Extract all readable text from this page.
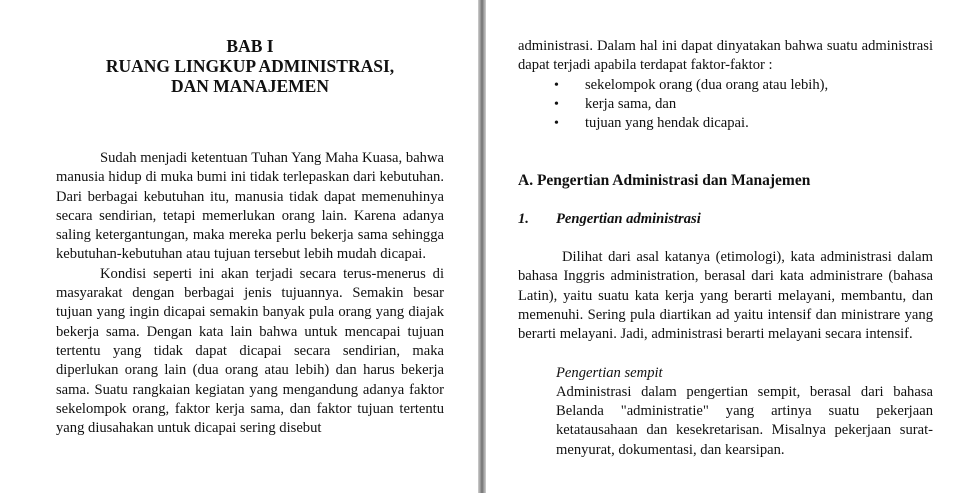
BAB I

RUANG LINGKUP ADMINISTRASI,

DAN MANAJEMEN

Sudah menjadi ketentuan Tuhan Yang Maha Kuasa, bahwa manusia hidup di muka bumi ini tidak terlepaskan dari kebutuhan. Dari berbagai kebutuhan itu, manusia tidak dapat memenuhinya secara sendirian, tetapi memerlukan orang lain. Karena adanya saling ketergantungan, maka mereka perlu bekerja sama sehingga kebutuhan-kebutuhan atau tujuan tersebut lebih mudah dicapai.

Kondisi seperti ini akan terjadi secara terus-menerus di masyarakat dengan berbagai jenis tujuannya. Semakin besar tujuan yang ingin dicapai semakin banyak pula orang yang diajak bekerja sama. Dengan kata lain bahwa untuk mencapai tujuan tertentu yang tidak dapat dicapai secara sendirian, maka diperlukan orang lain (dua orang atau lebih) dan harus bekerja sama. Suatu rangkaian kegiatan yang mengandung adanya faktor sekelompok orang, faktor kerja sama, dan faktor tujuan tertentu yang diusahakan untuk dicapai sering disebut

administrasi. Dalam hal ini dapat dinyatakan bahwa suatu administrasi dapat terjadi apabila terdapat faktor-faktor :

• sekelompok orang (dua orang atau lebih),
• kerja sama, dan
• tujuan yang hendak dicapai.

A. Pengertian Administrasi dan Manajemen

1.	Pengertian administrasi

Dilihat dari asal katanya (etimologi), kata administrasi dalam bahasa Inggris administration, berasal dari kata administrare (bahasa Latin), yaitu suatu kata kerja yang berarti melayani, membantu, dan memenuhi. Sering pula diartikan ad yaitu intensif dan ministrare yang berarti melayani. Jadi, administrasi berarti melayani secara intensif.

Pengertian sempit

Administrasi dalam pengertian sempit, berasal dari bahasa Belanda "administratie" yang artinya suatu pekerjaan ketatausahaan dan kesekretarisan. Misalnya pekerjaan surat-menyurat, dokumentasi, dan kearsipan.
